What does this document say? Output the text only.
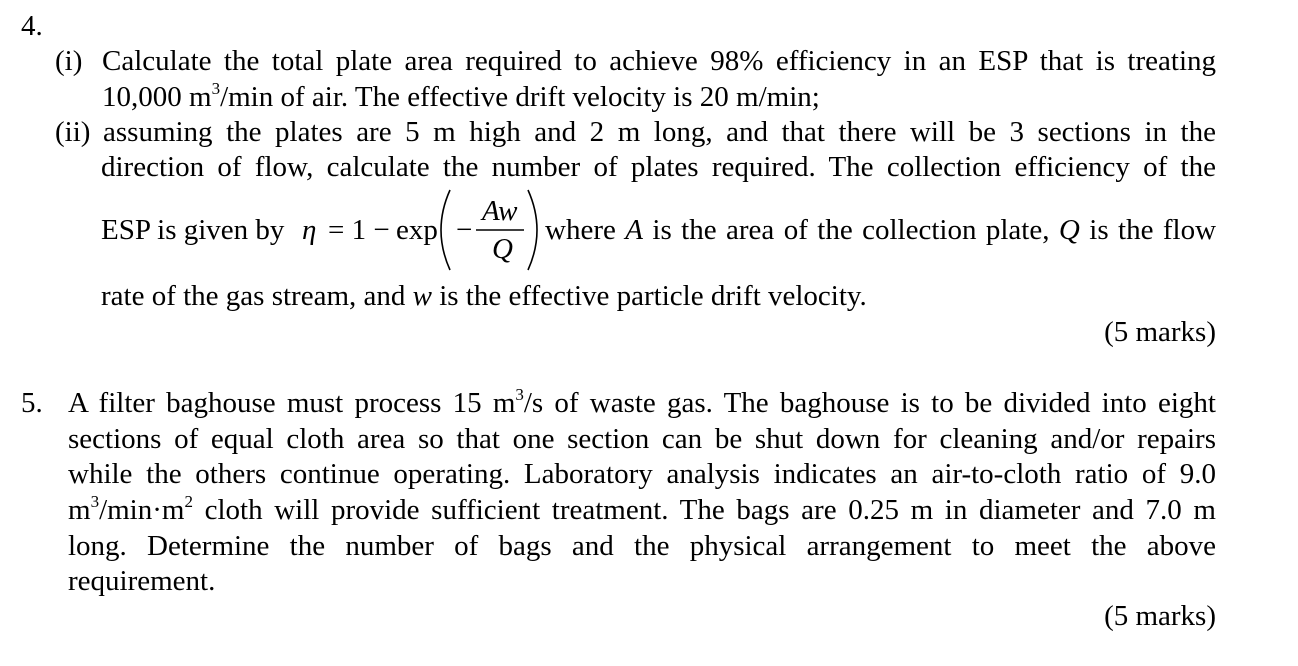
4.
(i) Calculate the total plate area required to achieve 98% efficiency in an ESP that is treating
10,000 $m^3/\min$ of air. The effective drift velocity is 20 m/min;
(ii) assuming the plates are 5 m high and 2 m long, and that there will be 3 sections in the
direction of flow, calculate the number of plates required. The collection efficiency of the
ESP is given by η = 1 − exp −
Aw
Q
where A is the area of the collection plate, Q is the flow
rate of the gas stream, and w is the effective particle drift velocity.
(5 marks)
5. A filter baghouse must process 15 $m^3/s$ of waste gas. The baghouse is to be divided into eight
sections of equal cloth area so that one section can be shut down for cleaning and/or repairs
while the others continue operating. Laboratory analysis indicates an air-to-cloth ratio of 9.0
$m^3/\min\cdot m^2$ cloth will provide sufficient treatment. The bags are 0.25 m in diameter and 7.0 m
long. Determine the number of bags and the physical arrangement to meet the above
requirement.
(5 marks)
